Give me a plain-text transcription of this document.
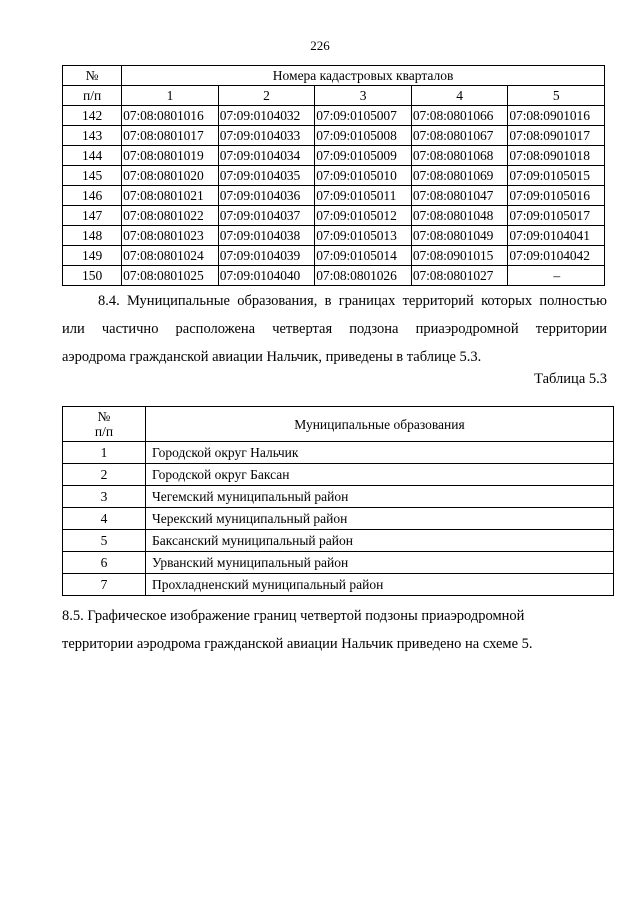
226
№	Номера кадастровых кварталов				
п/п	1	2	3	4	5
142	07:08:0801016	07:09:0104032	07:09:0105007	07:08:0801066	07:08:0901016
143	07:08:0801017	07:09:0104033	07:09:0105008	07:08:0801067	07:08:0901017
144	07:08:0801019	07:09:0104034	07:09:0105009	07:08:0801068	07:08:0901018
145	07:08:0801020	07:09:0104035	07:09:0105010	07:08:0801069	07:09:0105015
146	07:08:0801021	07:09:0104036	07:09:0105011	07:08:0801047	07:09:0105016
147	07:08:0801022	07:09:0104037	07:09:0105012	07:08:0801048	07:09:0105017
148	07:08:0801023	07:09:0104038	07:09:0105013	07:08:0801049	07:09:0104041
149	07:08:0801024	07:09:0104039	07:09:0105014	07:08:0901015	07:09:0104042
150	07:08:0801025	07:09:0104040	07:08:0801026	07:08:0801027	–
8.4. Муниципальные образования, в границах территорий которых полностью
или частично расположена четвертая подзона приаэродромной территории
аэродрома гражданской авиации Нальчик, приведены в таблице 5.3.
Таблица 5.3
№
п/п	Муниципальные образования
1	Городской округ Нальчик
2	Городской округ Баксан
3	Чегемский муниципальный район
4	Черекский муниципальный район
5	Баксанский муниципальный район
6	Урванский муниципальный район
7	Прохладненский муниципальный район
8.5. Графическое изображение границ четвертой подзоны приаэродромной
территории аэродрома гражданской авиации Нальчик приведено на схеме 5.
